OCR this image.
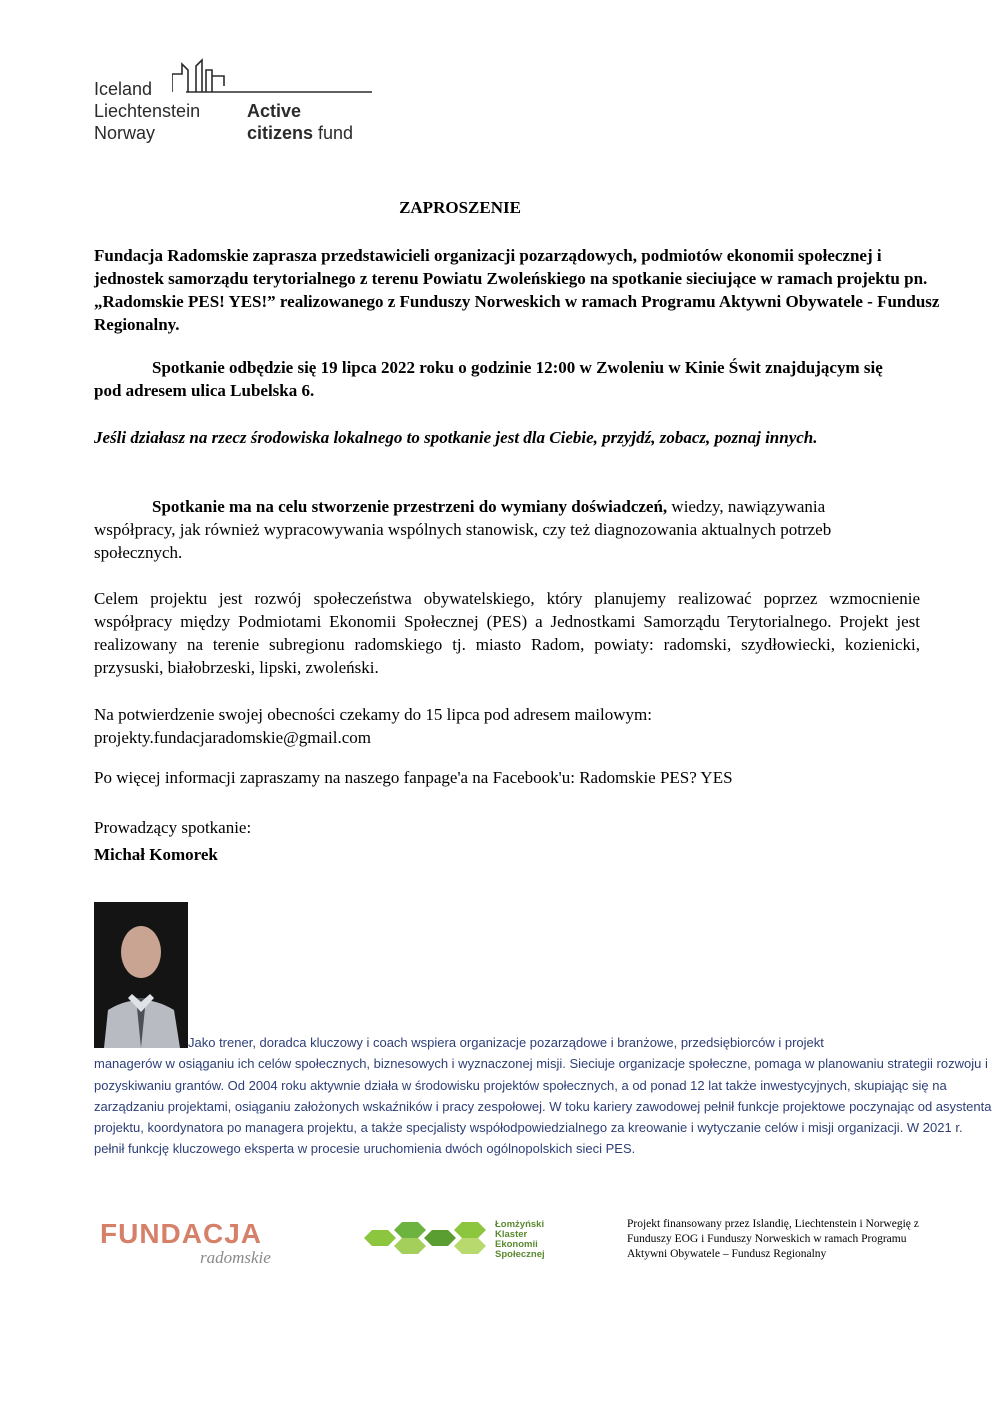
Iceland
Liechtenstein
Norway
Active
citizens fund
ZAPROSZENIE
Fundacja Radomskie zaprasza przedstawicieli organizacji pozarządowych, podmiotów ekonomii społecznej i jednostek samorządu terytorialnego z terenu Powiatu Zwoleńskiego na spotkanie sieciujące w ramach projektu pn. „Radomskie PES! YES!” realizowanego z Funduszy Norweskich w ramach Programu Aktywni Obywatele - Fundusz Regionalny.
Spotkanie odbędzie się 19 lipca 2022 roku o godzinie 12:00 w Zwoleniu w Kinie Świt znajdującym się pod adresem ulica Lubelska 6.
Jeśli działasz na rzecz środowiska lokalnego to spotkanie jest dla Ciebie, przyjdź, zobacz, poznaj innych.
Spotkanie ma na celu stworzenie przestrzeni do wymiany doświadczeń, wiedzy, nawiązywania współpracy, jak również wypracowywania wspólnych stanowisk, czy też diagnozowania aktualnych potrzeb społecznych.
Celem projektu jest rozwój społeczeństwa obywatelskiego, który planujemy realizować poprzez wzmocnienie współpracy między Podmiotami Ekonomii Społecznej (PES) a Jednostkami Samorządu Terytorialnego. Projekt jest realizowany na terenie subregionu radomskiego tj. miasto Radom, powiaty: radomski, szydłowiecki, kozienicki, przysuski, białobrzeski, lipski, zwoleński.
Na potwierdzenie swojej obecności czekamy do 15 lipca pod adresem mailowym:
projekty.fundacjaradomskie@gmail.com
Po więcej informacji zapraszamy na naszego fanpage'a na Facebook'u: Radomskie PES? YES
Prowadzący spotkanie:
Michał Komorek
Jako trener, doradca kluczowy i coach wspiera organizacje pozarządowe i branżowe, przedsiębiorców i projekt
managerów w osiąganiu ich celów społecznych, biznesowych i wyznaczonej misji. Sieciuje organizacje społeczne, pomaga w planowaniu strategii rozwoju i pozyskiwaniu grantów. Od 2004 roku aktywnie działa w środowisku projektów społecznych, a od ponad 12 lat także inwestycyjnych, skupiając się na zarządzaniu projektami, osiąganiu założonych wskaźników i pracy zespołowej. W toku kariery zawodowej pełnił funkcje projektowe poczynając od asystenta projektu, koordynatora po managera projektu, a także specjalisty współodpowiedzialnego za kreowanie i wytyczanie celów i misji organizacji. W 2021 r. pełnił funkcję kluczowego eksperta w procesie uruchomienia dwóch ogólnopolskich sieci PES.
FUNDACJA
radomskie
Łomżyński
Klaster
Ekonomii
Społecznej
Projekt finansowany przez Islandię, Liechtenstein i Norwegię z Funduszy EOG i Funduszy Norweskich w ramach Programu Aktywni Obywatele – Fundusz Regionalny
